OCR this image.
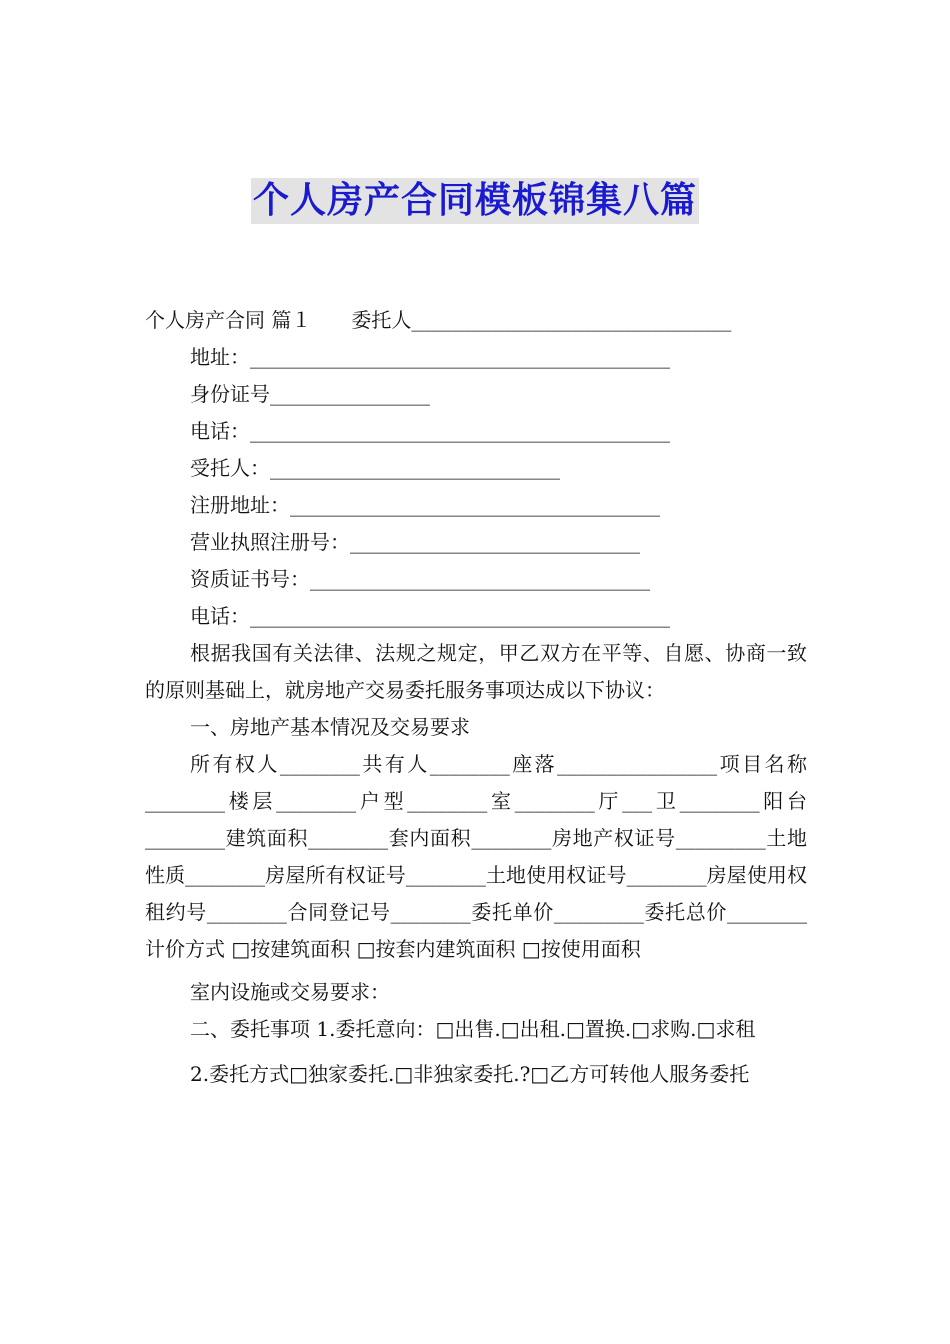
个人房产合同模板锦集八篇
个人房产合同 篇１　　委托人________________________________
地址：__________________________________________
身份证号________________
电话：__________________________________________
受托人：_____________________________
注册地址：_____________________________________
营业执照注册号：_____________________________
资质证书号：__________________________________
电话：__________________________________________
根据我国有关法律、法规之规定，甲乙双方在平等、自愿、协商一致的原则基础上，就房地产交易委托服务事项达成以下协议：
一、房地产基本情况及交易要求
所有权人________共有人________座落________________项目名称________楼层________户型________室________厅___卫________阳台________建筑面积________套内面积________房地产权证号_________土地性质________房屋所有权证号________土地使用权证号________房屋使用权租约号________合同登记号________委托单价_________委托总价________计价方式 □按建筑面积 □按套内建筑面积 □按使用面积
室内设施或交易要求：
二、委托事项 1.委托意向：□出售.□出租.□置换.□求购.□求租
2.委托方式□独家委托.□非独家委托.?□乙方可转他人服务委托
